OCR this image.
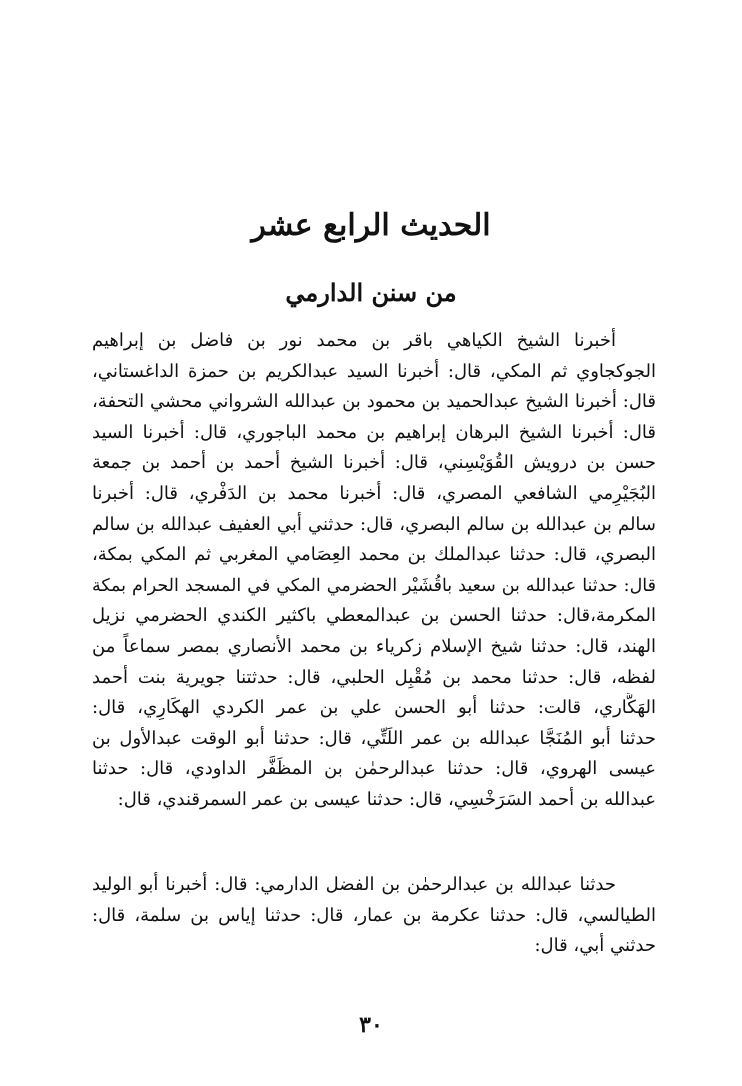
الحديث الرابع عشر
من سنن الدارمي
أخبرنا الشيخ الكياهي باقر بن محمد نور بن فاضل بن إبراهيم
الجوكجاوي ثم المكي، قال: أخبرنا السيد عبدالكريم بن حمزة الداغستاني،
قال: أخبرنا الشيخ عبدالحميد بن محمود بن عبدالله الشرواني محشي التحفة،
قال: أخبرنا الشيخ البرهان إبراهيم بن محمد الباجوري، قال: أخبرنا السيد
حسن بن درويش القُوَيْسِني، قال: أخبرنا الشيخ أحمد بن أحمد بن جمعة
البُجَيْرِمي الشافعي المصري، قال: أخبرنا محمد بن الدَفْري، قال: أخبرنا
سالم بن عبدالله بن سالم البصري، قال: حدثني أبي العفيف عبدالله بن سالم
البصري، قال: حدثنا عبدالملك بن محمد العِصَامي المغربي ثم المكي بمكة،
قال: حدثنا عبدالله بن سعيد باقُشَيْر الحضرمي المكي في المسجد الحرام بمكة
المكرمة،قال: حدثنا الحسن بن عبدالمعطي باكثير الكندي الحضرمي نزيل
الهند، قال: حدثنا شيخ الإسلام زكرياء بن محمد الأنصاري بمصر سماعاً من
لفظه، قال: حدثنا محمد بن مُقْبِل الحلبي، قال: حدثتنا جويرية بنت أحمد
الهَكَّاري، قالت: حدثنا أبو الحسن علي بن عمر الكردي الهكَارِي، قال:
حدثنا أبو المُنَجَّا عبدالله بن عمر اللَتِّي، قال: حدثنا أبو الوقت عبدالأول بن
عيسى الهروي، قال: حدثنا عبدالرحمٰن بن المظَفَّر الداودي، قال: حدثنا
عبدالله بن أحمد السَرَخْسِي، قال: حدثنا عيسى بن عمر السمرقندي، قال:
حدثنا عبدالله بن عبدالرحمٰن بن الفضل الدارمي: قال: أخبرنا أبو الوليد
الطيالسي، قال: حدثنا عكرمة بن عمار، قال: حدثنا إياس بن سلمة، قال:
حدثني أبي، قال:
٣٠
